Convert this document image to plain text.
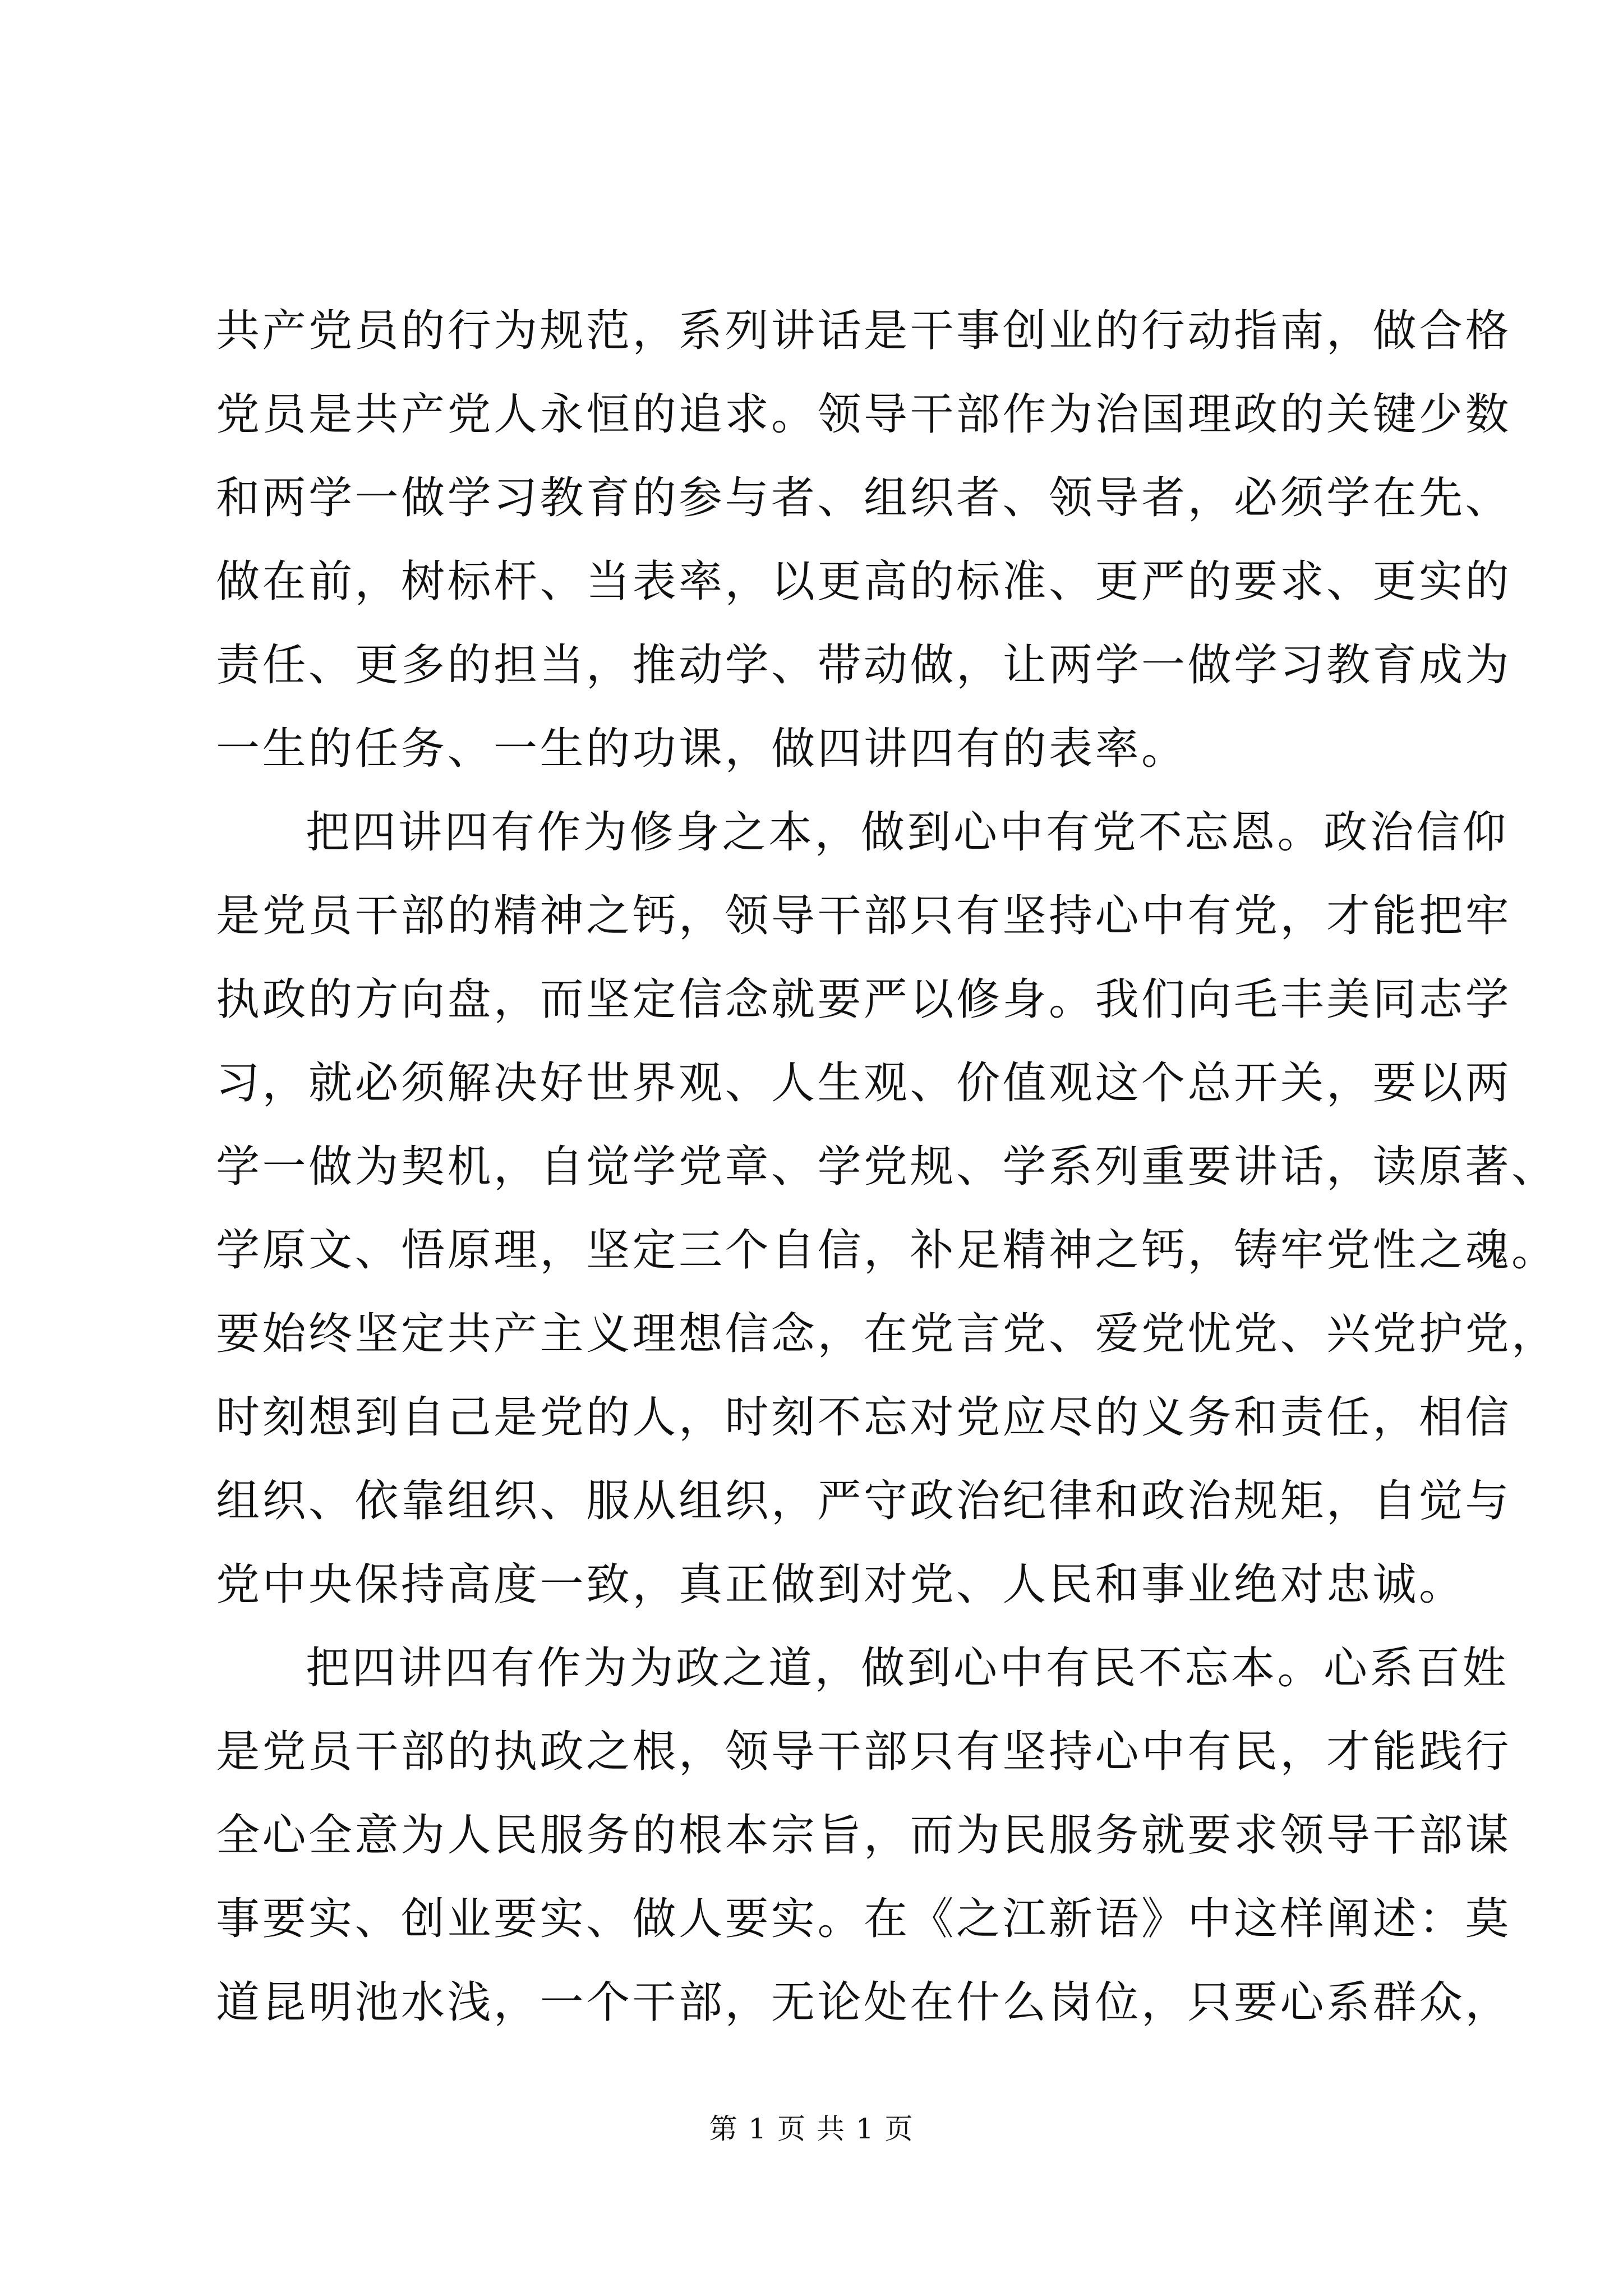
共产党员的行为规范，系列讲话是干事创业的行动指南，做合格
党员是共产党人永恒的追求。领导干部作为治国理政的关键少数
和两学一做学习教育的参与者、组织者、领导者，必须学在先、
做在前，树标杆、当表率，以更高的标准、更严的要求、更实的
责任、更多的担当，推动学、带动做，让两学一做学习教育成为
一生的任务、一生的功课，做四讲四有的表率。
把四讲四有作为修身之本，做到心中有党不忘恩。政治信仰
是党员干部的精神之钙，领导干部只有坚持心中有党，才能把牢
执政的方向盘，而坚定信念就要严以修身。我们向毛丰美同志学
习，就必须解决好世界观、人生观、价值观这个总开关，要以两
学一做为契机，自觉学党章、学党规、学系列重要讲话，读原著、
学原文、悟原理，坚定三个自信，补足精神之钙，铸牢党性之魂。
要始终坚定共产主义理想信念，在党言党、爱党忧党、兴党护党，
时刻想到自己是党的人，时刻不忘对党应尽的义务和责任，相信
组织、依靠组织、服从组织，严守政治纪律和政治规矩，自觉与
党中央保持高度一致，真正做到对党、人民和事业绝对忠诚。
把四讲四有作为为政之道，做到心中有民不忘本。心系百姓
是党员干部的执政之根，领导干部只有坚持心中有民，才能践行
全心全意为人民服务的根本宗旨，而为民服务就要求领导干部谋
事要实、创业要实、做人要实。在《之江新语》中这样阐述：莫
道昆明池水浅，一个干部，无论处在什么岗位，只要心系群众，
第 1 页 共 1 页
